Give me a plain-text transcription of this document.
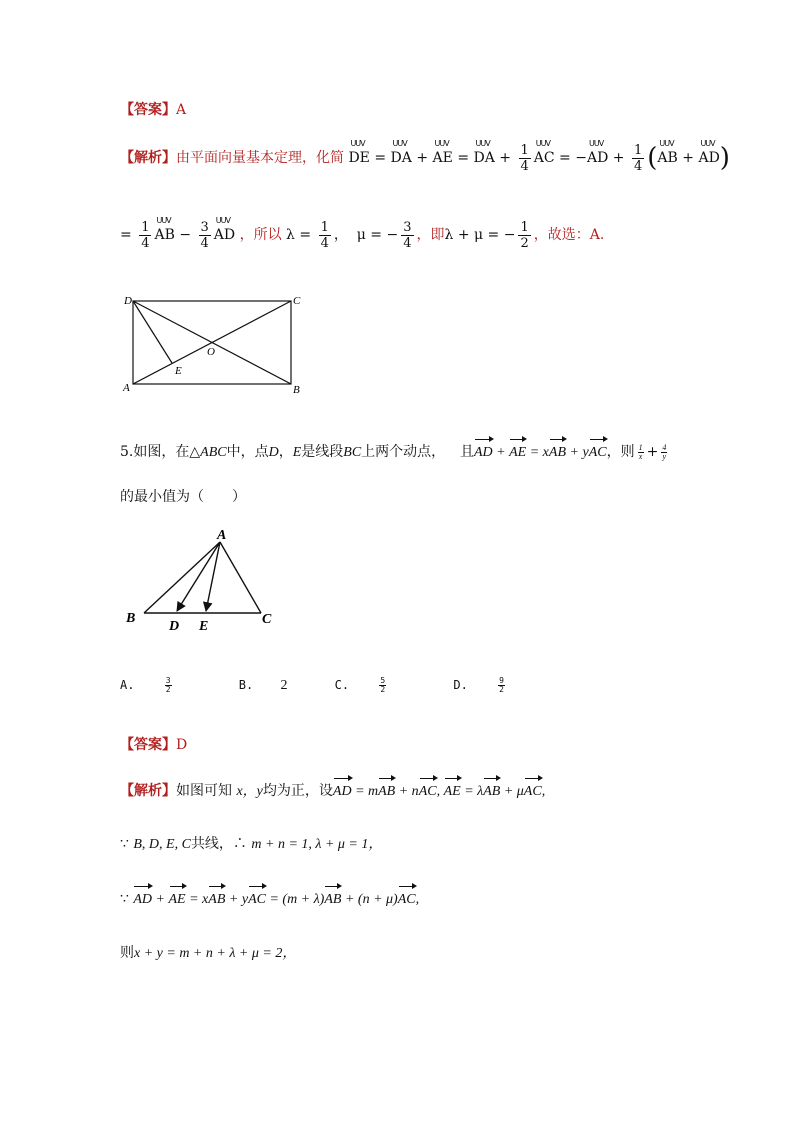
【答案】A
【解析】由平面向量基本定理，化简 UUV DE = UUV DA + UUV AE = UUV DA + $\frac{1}{4}$ UUV AC = −UUV AD + $\frac{1}{4} (UUV$ AB + UUV AD)
= $\frac{1}{4}$ UUV AB − $\frac{3}{4}$ UUV AD ，所以 $\lambda = \frac{1}{4}$ ，  μ = − $\frac{3}{4}$ ，即λ + μ = − $\frac{1}{2}$ ，故选：A.
D	C
A	B
O
E
5.如图，在△ABC中，点D，E是线段BC上两个动点， 且AD + AE = xAB + yAC，则 $\frac{1}{x} + \frac{4}{y}$
的最小值为（　　）
A
B
D E	C
A.	$\frac{3}{2}$	B. 2	C.	$\frac{5}{2}$	D.	$\frac{9}{2}$
【答案】D
【解析】如图可知 x，y均为正，设AD = mAB + nAC, AE = λAB + μAC,
∵ B, D, E, C共线，∴ m + n = 1, λ + μ = 1，
∵ AD + AE = xAB + yAC = (m + λ)AB + (n + μ)AC,
则x + y = m + n + λ + μ = 2，
